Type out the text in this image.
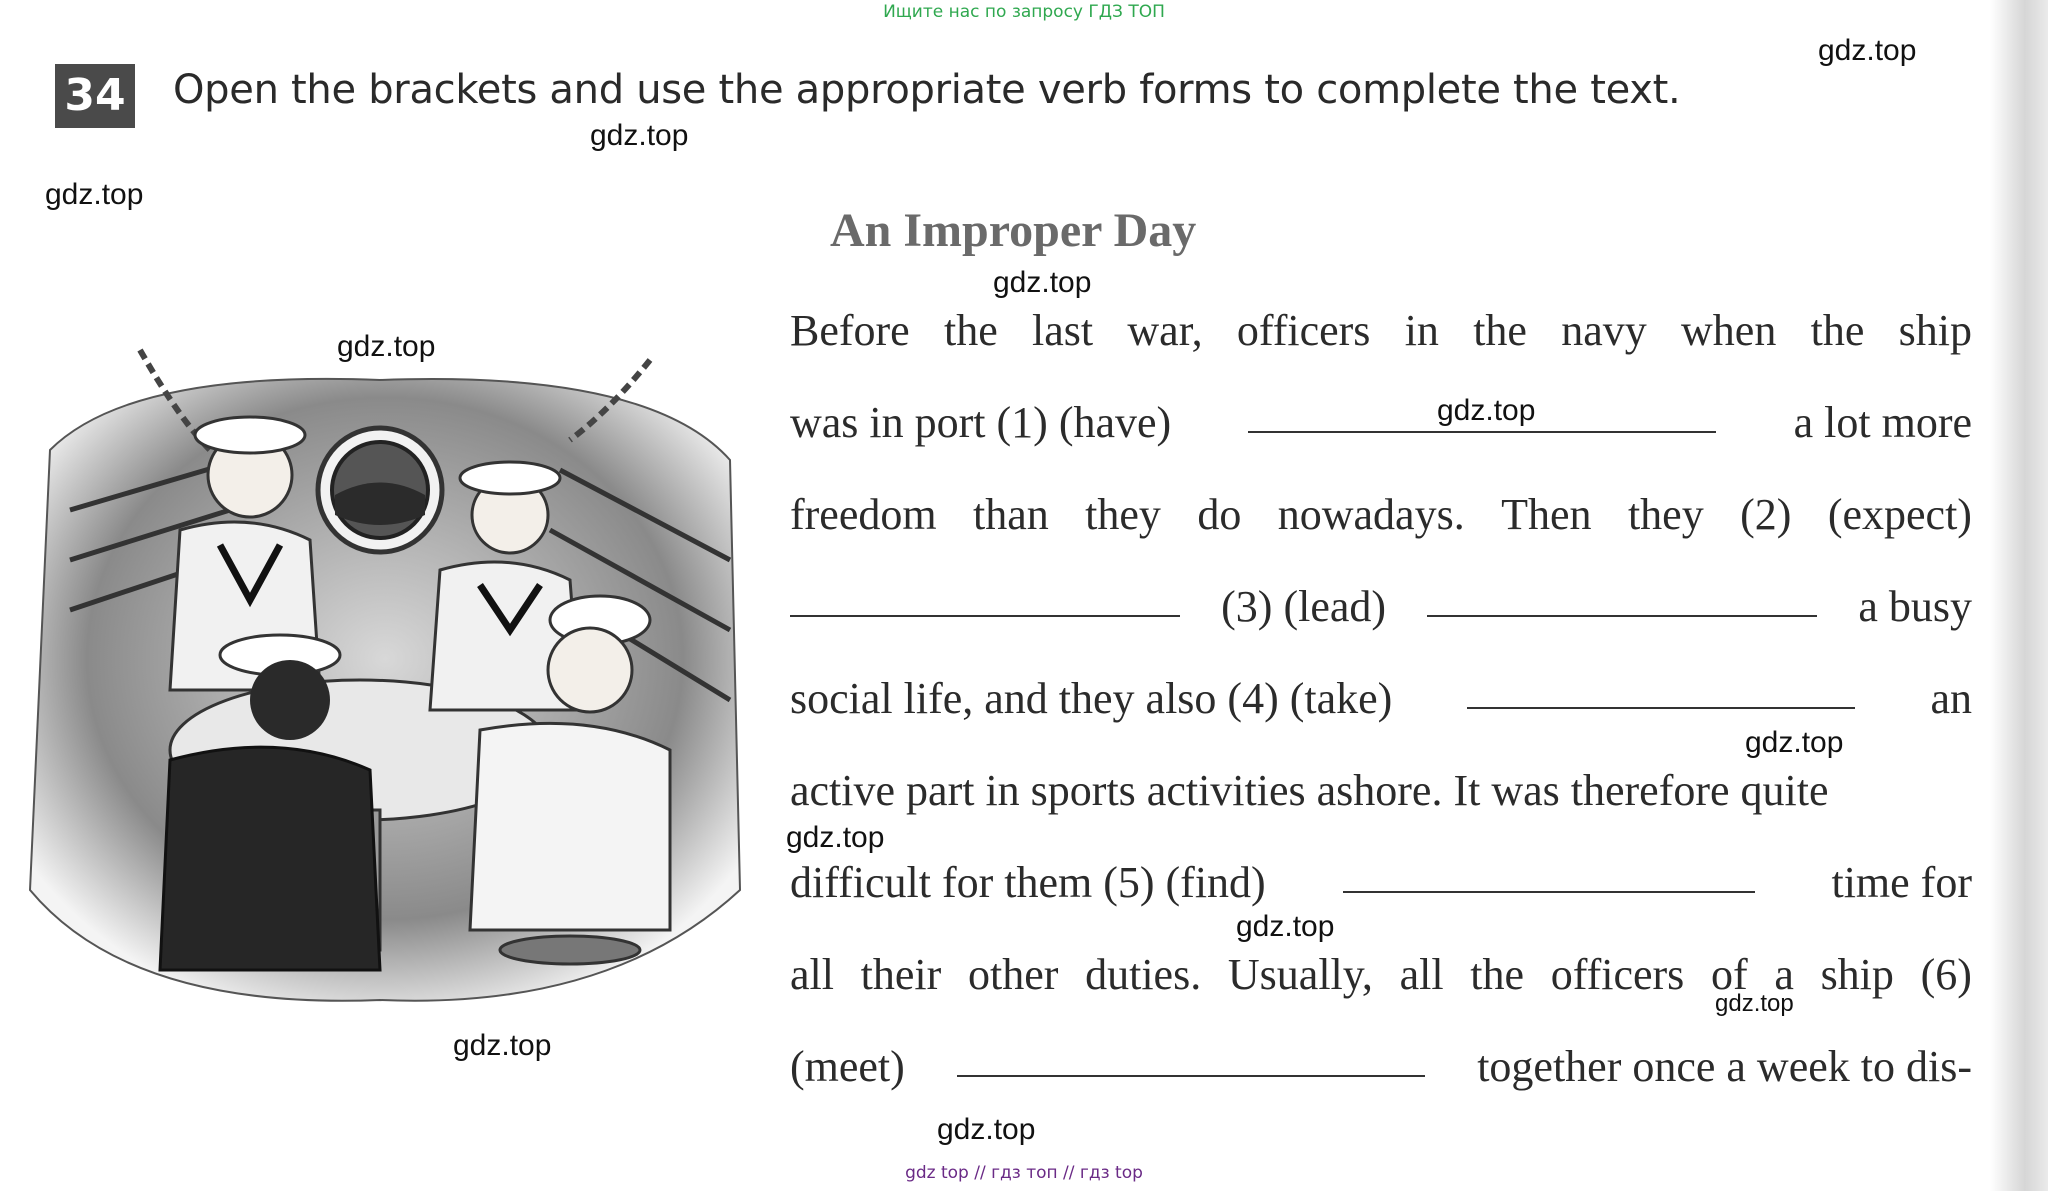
Ищите нас по запросу ГДЗ ТОП
34 Open the brackets and use the appropriate verb forms to complete the text.
An Improper Day
Before the last war, officers in the navy when the ship
was in port (1) (have)	a lot more
freedom than they do nowadays. Then they (2) (expect)
(3) (lead)	a busy
social life, and they also (4) (take)	an
active part in sports activities ashore. It was therefore quite
difficult for them (5) (find)	time for
all their other duties. Usually, all the officers of a ship (6)
(meet)	together once a week to dis-
gdz.top
gdz.top
gdz.top
gdz.top
gdz.top
gdz.top
gdz.top
gdz.top
gdz.top
gdz.top
gdz.top
gdz.top
gdz top // гдз топ // гдз top
